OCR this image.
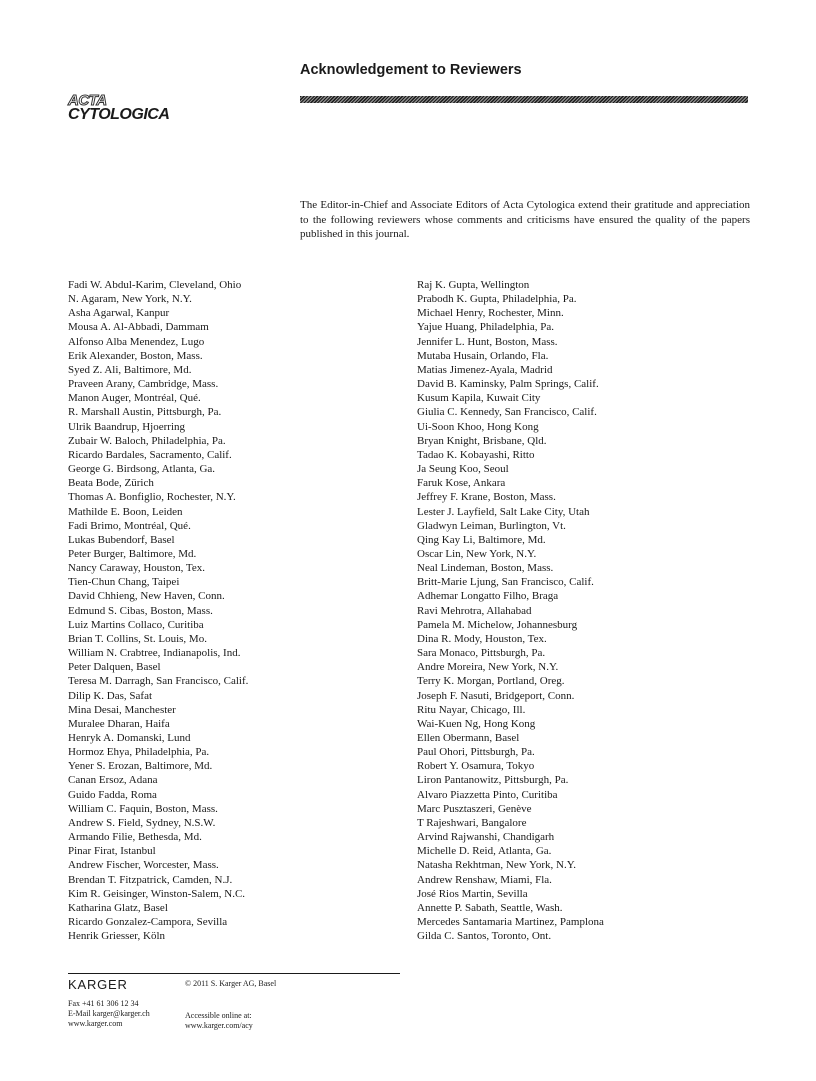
Acknowledgement to Reviewers
ACTA
CYTOLOGICA

The Editor-in-Chief and Associate Editors of Acta Cytologica extend their gratitude and appreciation to the following reviewers whose comments and criticisms have ensured the quality of the papers published in this journal.

Fadi W. Abdul-Karim, Cleveland, Ohio
N. Agaram, New York, N.Y.
Asha Agarwal, Kanpur
Mousa A. Al-Abbadi, Dammam
Alfonso Alba Menendez, Lugo
Erik Alexander, Boston, Mass.
Syed Z. Ali, Baltimore, Md.
Praveen Arany, Cambridge, Mass.
Manon Auger, Montréal, Qué.
R. Marshall Austin, Pittsburgh, Pa.
Ulrik Baandrup, Hjoerring
Zubair W. Baloch, Philadelphia, Pa.
Ricardo Bardales, Sacramento, Calif.
George G. Birdsong, Atlanta, Ga.
Beata Bode, Zürich
Thomas A. Bonfiglio, Rochester, N.Y.
Mathilde E. Boon, Leiden
Fadi Brimo, Montréal, Qué.
Lukas Bubendorf, Basel
Peter Burger, Baltimore, Md.
Nancy Caraway, Houston, Tex.
Tien-Chun Chang, Taipei
David Chhieng, New Haven, Conn.
Edmund S. Cibas, Boston, Mass.
Luiz Martins Collaco, Curitiba
Brian T. Collins, St. Louis, Mo.
William N. Crabtree, Indianapolis, Ind.
Peter Dalquen, Basel
Teresa M. Darragh, San Francisco, Calif.
Dilip K. Das, Safat
Mina Desai, Manchester
Muralee Dharan, Haifa
Henryk A. Domanski, Lund
Hormoz Ehya, Philadelphia, Pa.
Yener S. Erozan, Baltimore, Md.
Canan Ersoz, Adana
Guido Fadda, Roma
William C. Faquin, Boston, Mass.
Andrew S. Field, Sydney, N.S.W.
Armando Filie, Bethesda, Md.
Pinar Firat, Istanbul
Andrew Fischer, Worcester, Mass.
Brendan T. Fitzpatrick, Camden, N.J.
Kim R. Geisinger, Winston-Salem, N.C.
Katharina Glatz, Basel
Ricardo Gonzalez-Campora, Sevilla
Henrik Griesser, Köln
Raj K. Gupta, Wellington
Prabodh K. Gupta, Philadelphia, Pa.
Michael Henry, Rochester, Minn.
Yajue Huang, Philadelphia, Pa.
Jennifer L. Hunt, Boston, Mass.
Mutaba Husain, Orlando, Fla.
Matias Jimenez-Ayala, Madrid
David B. Kaminsky, Palm Springs, Calif.
Kusum Kapila, Kuwait City
Giulia C. Kennedy, San Francisco, Calif.
Ui-Soon Khoo, Hong Kong
Bryan Knight, Brisbane, Qld.
Tadao K. Kobayashi, Ritto
Ja Seung Koo, Seoul
Faruk Kose, Ankara
Jeffrey F. Krane, Boston, Mass.
Lester J. Layfield, Salt Lake City, Utah
Gladwyn Leiman, Burlington, Vt.
Qing Kay Li, Baltimore, Md.
Oscar Lin, New York, N.Y.
Neal Lindeman, Boston, Mass.
Britt-Marie Ljung, San Francisco, Calif.
Adhemar Longatto Filho, Braga
Ravi Mehrotra, Allahabad
Pamela M. Michelow, Johannesburg
Dina R. Mody, Houston, Tex.
Sara Monaco, Pittsburgh, Pa.
Andre Moreira, New York, N.Y.
Terry K. Morgan, Portland, Oreg.
Joseph F. Nasuti, Bridgeport, Conn.
Ritu Nayar, Chicago, Ill.
Wai-Kuen Ng, Hong Kong
Ellen Obermann, Basel
Paul Ohori, Pittsburgh, Pa.
Robert Y. Osamura, Tokyo
Liron Pantanowitz, Pittsburgh, Pa.
Alvaro Piazzetta Pinto, Curitiba
Marc Pusztaszeri, Genève
T Rajeshwari, Bangalore
Arvind Rajwanshi, Chandigarh
Michelle D. Reid, Atlanta, Ga.
Natasha Rekhtman, New York, N.Y.
Andrew Renshaw, Miami, Fla.
José Rios Martin, Sevilla
Annette P. Sabath, Seattle, Wash.
Mercedes Santamaria Martinez, Pamplona
Gilda C. Santos, Toronto, Ont.
KARGER	© 2011 S. Karger AG, Basel
Fax +41 61 306 12 34
E-Mail karger@karger.ch
www.karger.com
Accessible online at:
www.karger.com/acy
